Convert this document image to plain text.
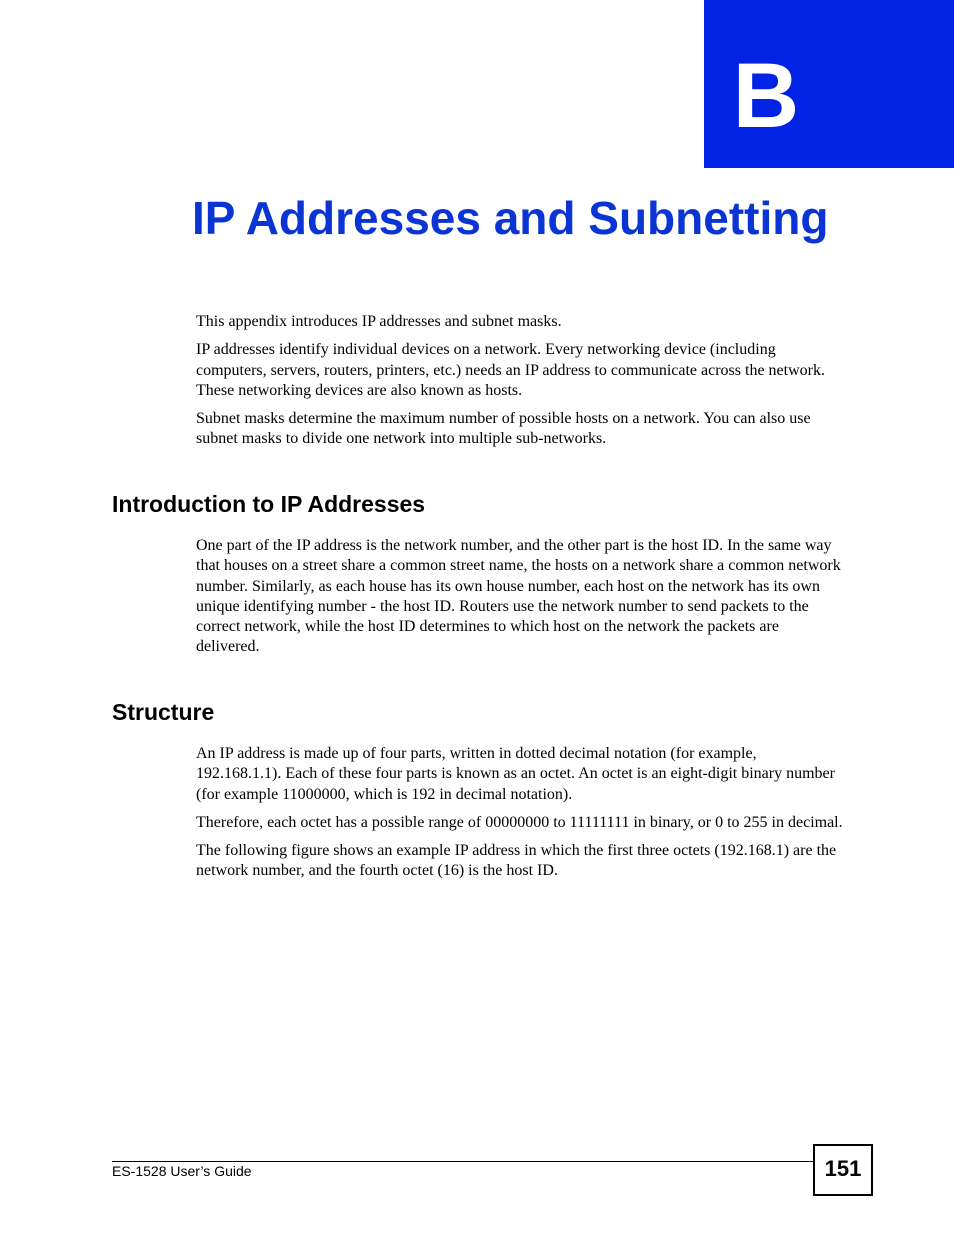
B
IP Addresses and Subnetting

This appendix introduces IP addresses and subnet masks.

IP addresses identify individual devices on a network. Every networking device (including computers, servers, routers, printers, etc.) needs an IP address to communicate across the network. These networking devices are also known as hosts.

Subnet masks determine the maximum number of possible hosts on a network. You can also use subnet masks to divide one network into multiple sub-networks.

Introduction to IP Addresses

One part of the IP address is the network number, and the other part is the host ID. In the same way that houses on a street share a common street name, the hosts on a network share a common network number. Similarly, as each house has its own house number, each host on the network has its own unique identifying number - the host ID. Routers use the network number to send packets to the correct network, while the host ID determines to which host on the network the packets are delivered.

Structure

An IP address is made up of four parts, written in dotted decimal notation (for example, 192.168.1.1). Each of these four parts is known as an octet. An octet is an eight-digit binary number (for example 11000000, which is 192 in decimal notation).

Therefore, each octet has a possible range of 00000000 to 11111111 in binary, or 0 to 255 in decimal.

The following figure shows an example IP address in which the first three octets (192.168.1) are the network number, and the fourth octet (16) is the host ID.

ES-1528 User’s Guide	151
